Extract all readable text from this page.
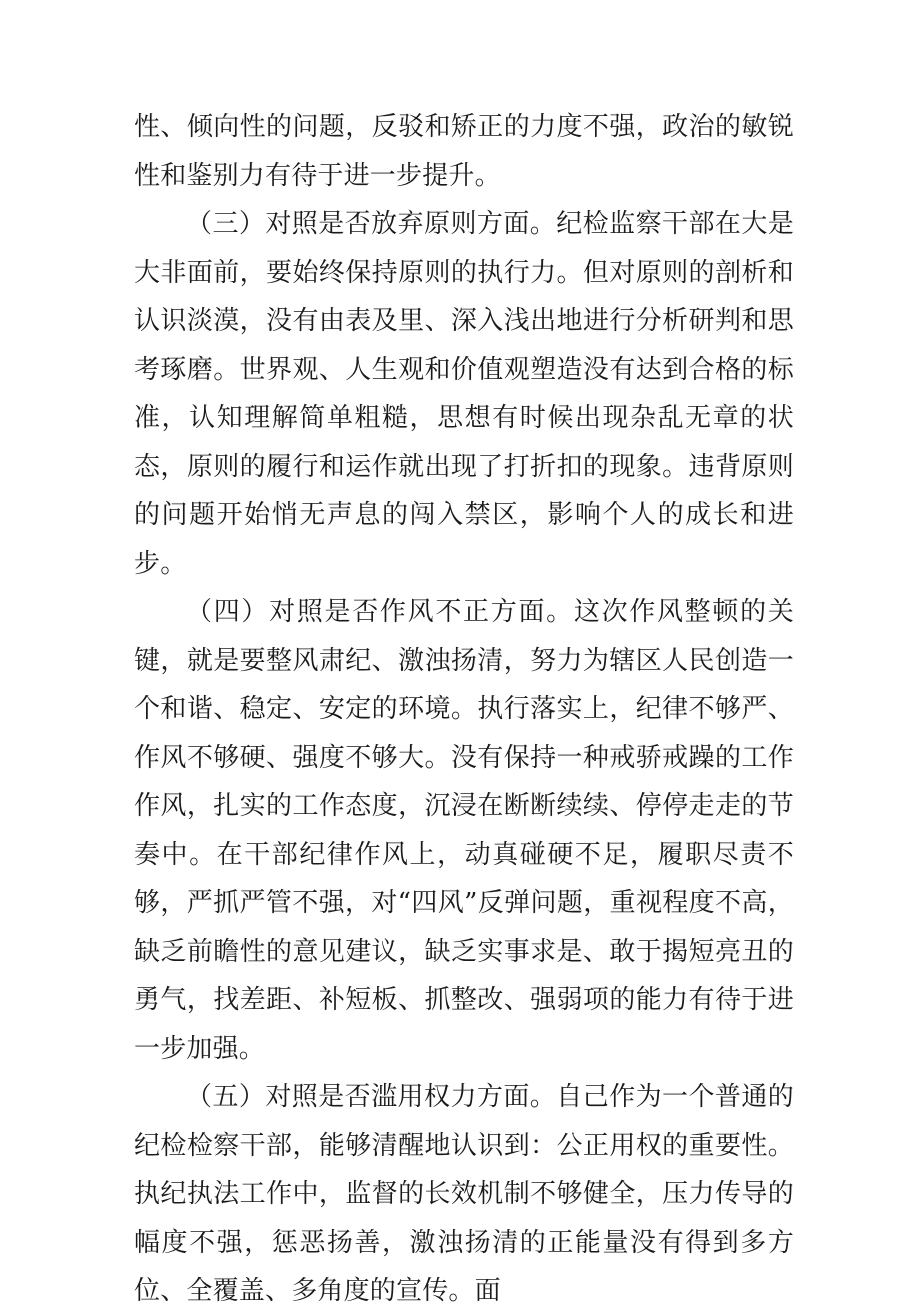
性、倾向性的问题，反驳和矫正的力度不强，政治的敏锐性和鉴别力有待于进一步提升。

（三）对照是否放弃原则方面。纪检监察干部在大是大非面前，要始终保持原则的执行力。但对原则的剖析和认识淡漠，没有由表及里、深入浅出地进行分析研判和思考琢磨。世界观、人生观和价值观塑造没有达到合格的标准，认知理解简单粗糙，思想有时候出现杂乱无章的状态，原则的履行和运作就出现了打折扣的现象。违背原则的问题开始悄无声息的闯入禁区，影响个人的成长和进步。

（四）对照是否作风不正方面。这次作风整顿的关键，就是要整风肃纪、激浊扬清，努力为辖区人民创造一个和谐、稳定、安定的环境。执行落实上，纪律不够严、作风不够硬、强度不够大。没有保持一种戒骄戒躁的工作作风，扎实的工作态度，沉浸在断断续续、停停走走的节奏中。在干部纪律作风上，动真碰硬不足，履职尽责不够，严抓严管不强，对“四风”反弹问题，重视程度不高，缺乏前瞻性的意见建议，缺乏实事求是、敢于揭短亮丑的勇气，找差距、补短板、抓整改、强弱项的能力有待于进一步加强。

（五）对照是否滥用权力方面。自己作为一个普通的纪检检察干部，能够清醒地认识到：公正用权的重要性。执纪执法工作中，监督的长效机制不够健全，压力传导的幅度不强，惩恶扬善，激浊扬清的正能量没有得到多方位、全覆盖、多角度的宣传。面
